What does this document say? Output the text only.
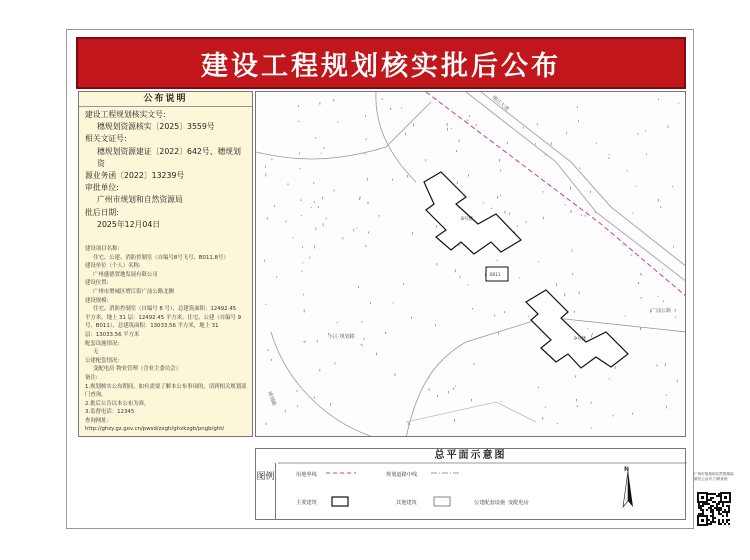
建设工程规划核实批后公布
公布说明
建设工程规划核实文号:
穗规划资源核实〔2025〕3559号
相关文证号:
穗规划资源建证〔2022〕642号、穗规划资
源业务函〔2022〕13239号
审批单位:
广州市规划和自然资源局
批后日期:
2025年12月04日
建设项目名称:
住宅、公建、消防控制室（自编号8号飞号、B011.8号）
建设单位（个人）名称:
广州盛德置地发展有限公司
建设位置:
广州市增城区增江街广汕公路北侧
建设规模:
住宅、消防控制室（自编号 8 号），总建筑面积：12492.45
平方米，地上 31 层：12492.45 平方米。住宅、公建（自编号 9
号、B011），总建筑面积：13033.56 平方米，地上 31
层：13033.56 平方米
配套设施情况:
无
公建配套情况:
变配电房 物业管理（含业主委员会）
备注:
1.规划核实公布期间，如有需要了解本公布事项的，请到相关规划部门查询。
2.批后公告以本公布为准。
3.监督电话：12345
查询网址：http://ghzy.gz.gov.cn/pwsd/zxgh/ghxkzgb/pngb/ght/
增江大道
广汕公路
规划路
小区·规划路
8号楼
9号楼
B011
总平面示意图
图例	用地界线	规划道路中线
主要建筑	其他建筑	公建配套设施 变配电房
N
广州市规划和自然资源局 微信公众号 扫码查询
